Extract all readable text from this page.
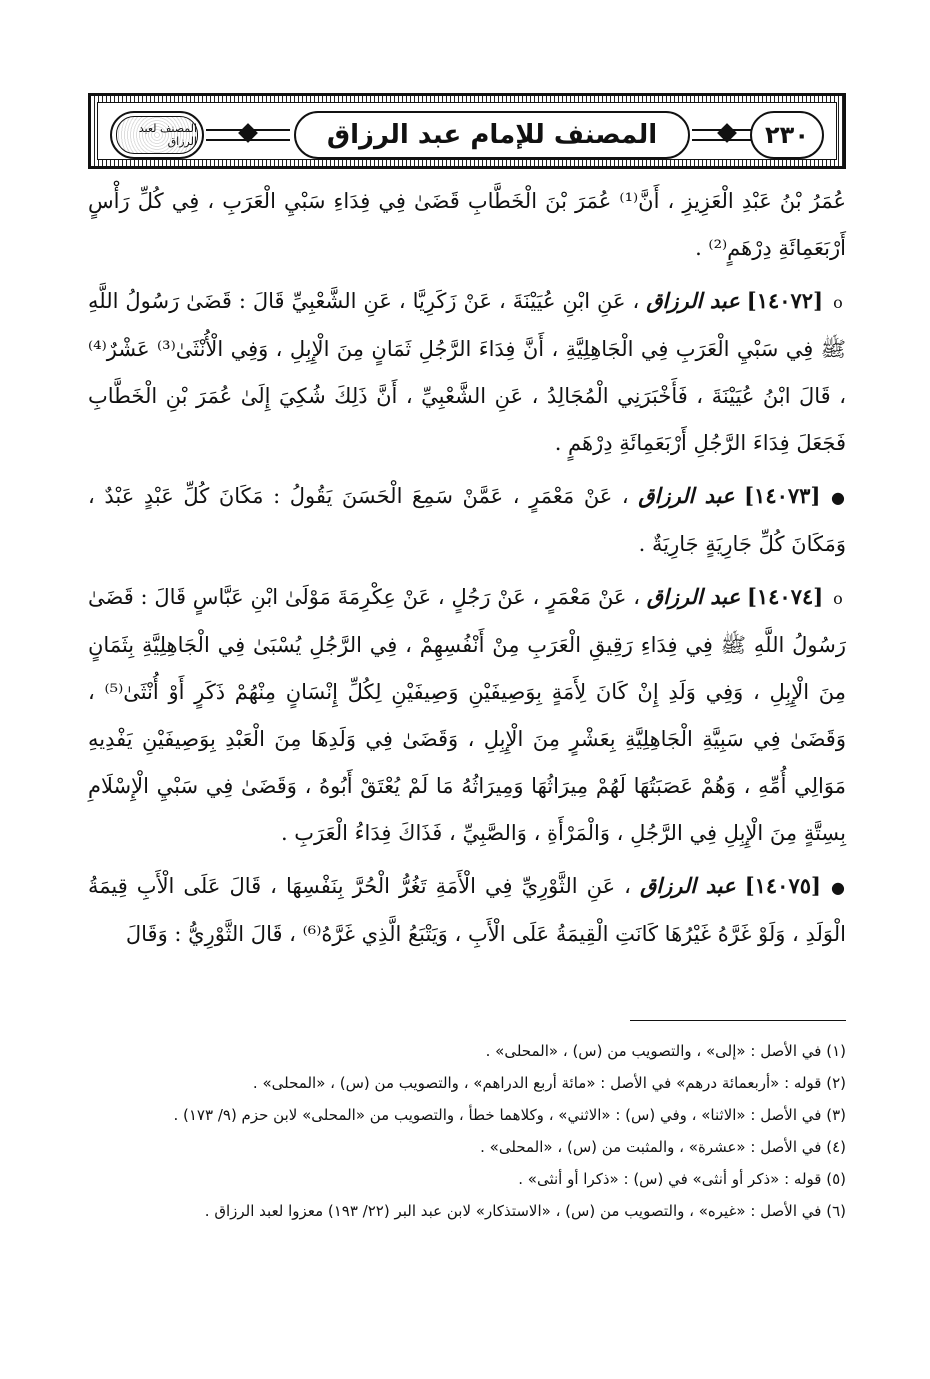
المصنف لعبد الرزاق	المصنف للإمام عبد الرزاق	٢٣٠

عُمَرُ بْنُ عَبْدِ الْعَزِيزِ ، أَنَّ⁽¹⁾ عُمَرَ بْنَ الْخَطَّابِ قَضَىٰ فِي فِدَاءِ سَبْيِ الْعَرَبِ ، فِي كُلِّ رَأْسٍ أَرْبَعَمِائَةِ دِرْهَمٍ⁽²⁾ .

o [١٤٠٧٢] عبد الرزاق ، عَنِ ابْنِ عُيَيْنَةَ ، عَنْ زَكَرِيَّا ، عَنِ الشَّعْبِيِّ قَالَ : قَضَىٰ رَسُولُ اللَّهِ ﷺ فِي سَبْيِ الْعَرَبِ فِي الْجَاهِلِيَّةِ ، أَنَّ فِدَاءَ الرَّجُلِ ثَمَانٍ مِنَ الْإِبِلِ ، وَفِي الْأُنْثَىٰ⁽³⁾ عَشْرٌ⁽⁴⁾ ، قَالَ ابْنُ عُيَيْنَةَ ، فَأَخْبَرَنِي الْمُجَالِدُ ، عَنِ الشَّعْبِيِّ ، أَنَّ ذَلِكَ شُكِيَ إِلَىٰ عُمَرَ بْنِ الْخَطَّابِ فَجَعَلَ فِدَاءَ الرَّجُلِ أَرْبَعَمِائَةِ دِرْهَمٍ .

● [١٤٠٧٣] عبد الرزاق ، عَنْ مَعْمَرٍ ، عَمَّنْ سَمِعَ الْحَسَنَ يَقُولُ : مَكَانَ كُلِّ عَبْدٍ عَبْدٌ ، وَمَكَانَ كُلِّ جَارِيَةٍ جَارِيَةٌ .

o [١٤٠٧٤] عبد الرزاق ، عَنْ مَعْمَرٍ ، عَنْ رَجُلٍ ، عَنْ عِكْرِمَةَ مَوْلَىٰ ابْنِ عَبَّاسٍ قَالَ : قَضَىٰ رَسُولُ اللَّهِ ﷺ فِي فِدَاءِ رَقِيقِ الْعَرَبِ مِنْ أَنْفُسِهِمْ ، فِي الرَّجُلِ يُسْبَىٰ فِي الْجَاهِلِيَّةِ بِثَمَانٍ مِنَ الْإِبِلِ ، وَفِي وَلَدِ إِنْ كَانَ لِأَمَةٍ بِوَصِيفَيْنِ وَصِيفَيْنِ لِكُلِّ إِنْسَانٍ مِنْهُمْ ذَكَرٍ أَوْ أُنْثَىٰ⁽⁵⁾ ، وَقَضَىٰ فِي سَبِيَّةِ الْجَاهِلِيَّةِ بِعَشْرٍ مِنَ الْإِبِلِ ، وَقَضَىٰ فِي وَلَدِهَا مِنَ الْعَبْدِ بِوَصِيفَيْنِ يَفْدِيهِ مَوَالِي أُمِّهِ ، وَهُمْ عَصَبَتُهَا لَهُمْ مِيرَاثُهَا وَمِيرَاثُهُ مَا لَمْ يُعْتَقْ أَبُوهُ ، وَقَضَىٰ فِي سَبْيِ الْإِسْلَامِ بِسِتَّةٍ مِنَ الْإِبِلِ فِي الرَّجُلِ ، وَالْمَرْأَةِ ، وَالصَّبِيِّ ، فَذَاكَ فِدَاءُ الْعَرَبِ .

● [١٤٠٧٥] عبد الرزاق ، عَنِ الثَّوْرِيِّ فِي الْأَمَةِ تَغُرُّ الْحُرَّ بِنَفْسِهَا ، قَالَ عَلَى الْأَبِ قِيمَةُ الْوَلَدِ ، وَلَوْ غَرَّهُ غَيْرُهَا كَانَتِ الْقِيمَةُ عَلَى الْأَبِ ، وَيَتْبَعُ الَّذِي غَرَّهُ⁽⁶⁾ ، قَالَ الثَّوْرِيُّ : وَقَالَ

(١) في الأصل : «إلى» ، والتصويب من (س) ، «المحلى» .

(٢) قوله : «أربعمائة درهم» في الأصل : «مائة أربع الدراهم» ، والتصويب من (س) ، «المحلى» .

(٣) في الأصل : «الاثنا» ، وفي (س) : «الاثني» ، وكلاهما خطأ ، والتصويب من «المحلى» لابن حزم (٩/ ١٧٣) .

(٤) في الأصل : «عشرة» ، والمثبت من (س) ، «المحلى» .

(٥) قوله : «ذكر أو أنثى» في (س) : «ذكرا أو أنثى» .

(٦) في الأصل : «غيره» ، والتصويب من (س) ، «الاستذكار» لابن عبد البر (٢٢/ ١٩٣) معزوا لعبد الرزاق .
